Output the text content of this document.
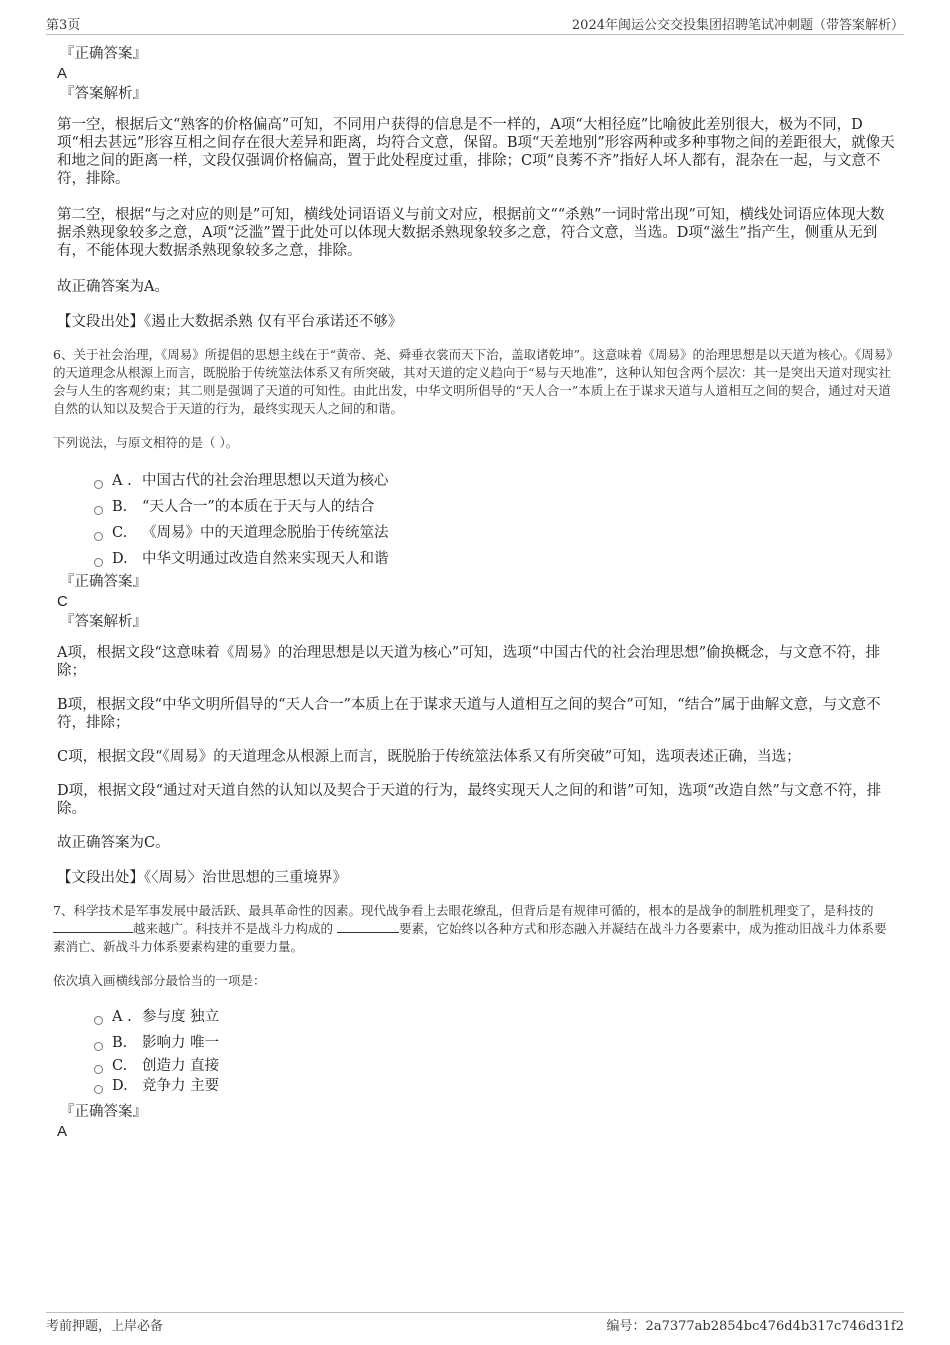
第3页	2024年闽运公交交投集团招聘笔试冲刺题（带答案解析）
『正确答案』
A
『答案解析』

第一空，根据后文“熟客的价格偏高”可知，不同用户获得的信息是不一样的，A项“大相径庭”比喻彼此差别很大，极为不同，D项“相去甚远”形容互相之间存在很大差异和距离，均符合文意，保留。B项“天差地别”形容两种或多种事物之间的差距很大，就像天和地之间的距离一样，文段仅强调价格偏高，置于此处程度过重，排除；C项“良莠不齐”指好人坏人都有，混杂在一起，与文意不符，排除。

第二空，根据“与之对应的则是”可知，横线处词语语义与前文对应，根据前文““杀熟”一词时常出现”可知，横线处词语应体现大数据杀熟现象较多之意，A项“泛滥”置于此处可以体现大数据杀熟现象较多之意，符合文意，当选。D项“滋生”指产生，侧重从无到有，不能体现大数据杀熟现象较多之意，排除。

故正确答案为A。

【文段出处】《遏止大数据杀熟 仅有平台承诺还不够》
6、关于社会治理，《周易》所提倡的思想主线在于“黄帝、尧、舜垂衣裳而天下治，盖取诸乾坤”。这意味着《周易》的治理思想是以天道为核心。《周易》的天道理念从根源上而言，既脱胎于传统筮法体系又有所突破，其对天道的定义趋向于“易与天地准”，这种认知包含两个层次：其一是突出天道对现实社会与人生的客观约束；其二则是强调了天道的可知性。由此出发，中华文明所倡导的“天人合一”本质上在于谋求天道与人道相互之间的契合，通过对天道自然的认知以及契合于天道的行为，最终实现天人之间的和谐。
下列说法，与原文相符的是（ ）。
A . 中国古代的社会治理思想以天道为核心
B.	“天人合一”的本质在于天与人的结合
C.	《周易》中的天道理念脱胎于传统筮法
D. 中华文明通过改造自然来实现天人和谐
『正确答案』
C
『答案解析』

A项，根据文段“这意味着《周易》的治理思想是以天道为核心”可知，选项“中国古代的社会治理思想”偷换概念，与文意不符，排除；

B项，根据文段“中华文明所倡导的“天人合一”本质上在于谋求天道与人道相互之间的契合”可知，“结合”属于曲解文意，与文意不符，排除；

C项，根据文段“《周易》的天道理念从根源上而言，既脱胎于传统筮法体系又有所突破”可知，选项表述正确，当选；

D项，根据文段“通过对天道自然的认知以及契合于天道的行为，最终实现天人之间的和谐”可知，选项“改造自然”与文意不符，排除。

故正确答案为C。

【文段出处】《〈周易〉治世思想的三重境界》
7、科学技术是军事发展中最活跃、最具革命性的因素。现代战争看上去眼花缭乱，但背后是有规律可循的，根本的是战争的制胜机理变了，是科技的 越来越广。科技并不是战斗力构成的	要素，它始终以各种方式和形态融入并凝结在战斗力各要素中，成为推动旧战斗力体系要素消亡、新战斗力体系要素构建的重要力量。
依次填入画横线部分最恰当的一项是：
A . 参与度 独立
B.	影响力 唯一
C.	创造力 直接
D. 竞争力 主要
『正确答案』
A
考前押题，上岸必备	编号：2a7377ab2854bc476d4b317c746d31f2
